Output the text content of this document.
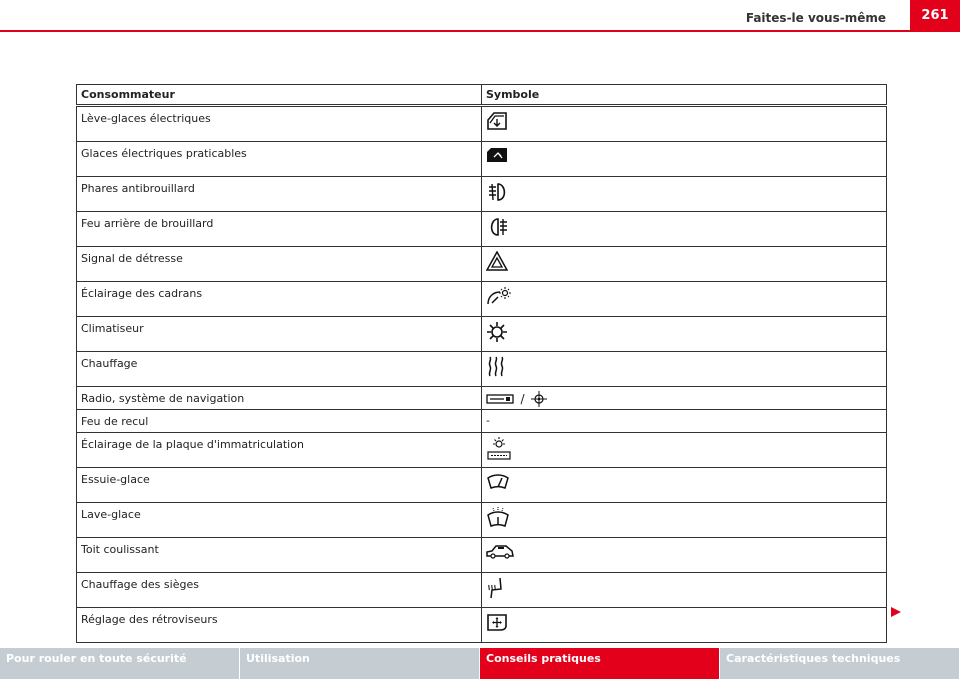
Faites-le vous-même	261
Consommateur	Symbole
Lève-glaces électriques	
Glaces électriques praticables	
Phares antibrouillard	
Feu arrière de brouillard	
Signal de détresse	
Éclairage des cadrans	
Climatiseur	
Chauffage	
Radio, système de navigation	/
Feu de recul	-
Éclairage de la plaque d'immatriculation	
Essuie-glace	
Lave-glace	
Toit coulissant	
Chauffage des sièges	
Réglage des rétroviseurs	
Pour rouler en toute sécurité	Utilisation	Conseils pratiques	Caractéristiques techniques
